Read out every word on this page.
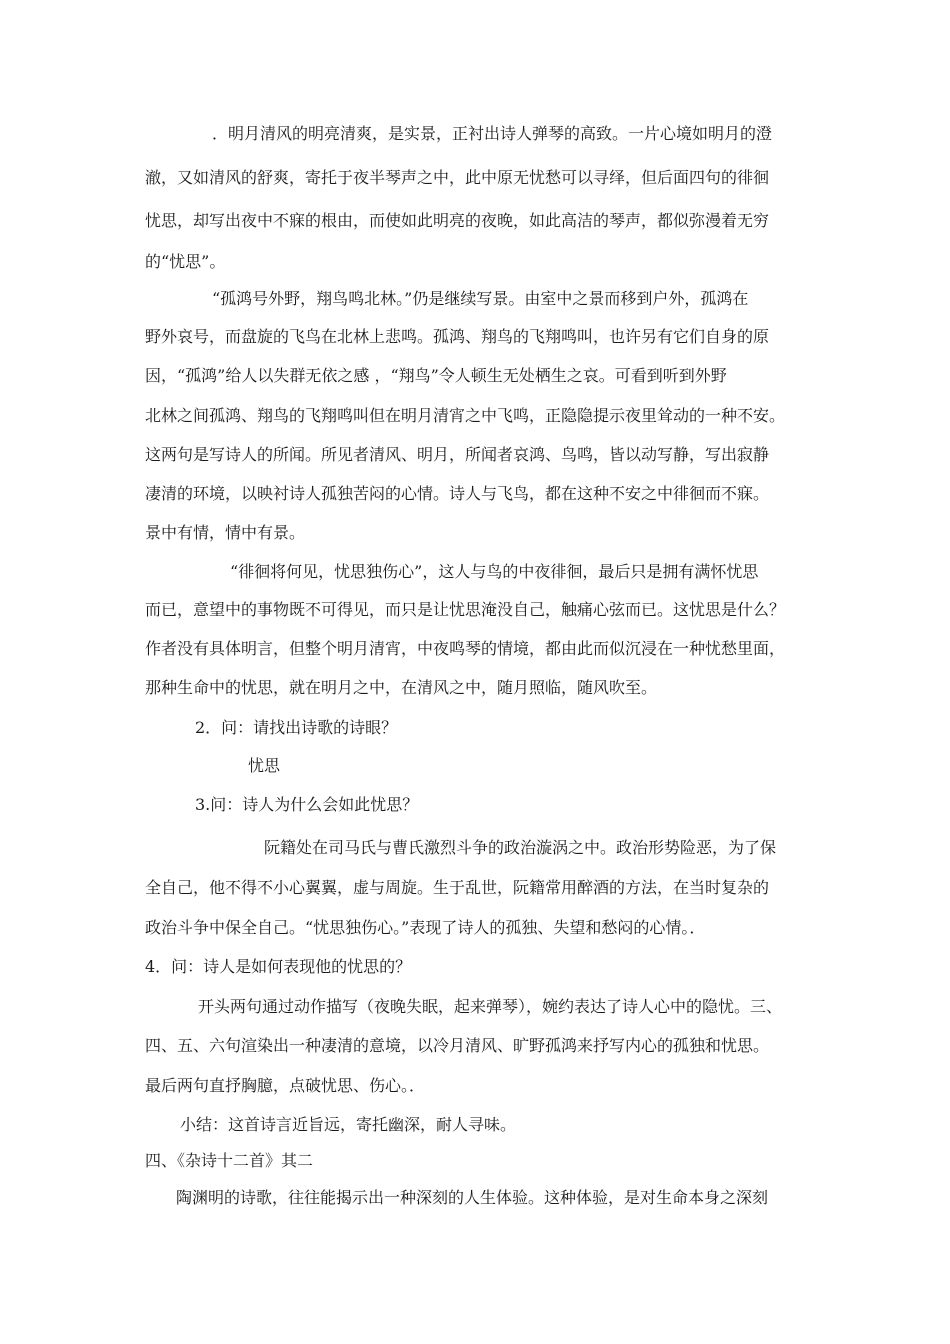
．明月清风的明亮清爽，是实景，正衬出诗人弹琴的高致。一片心境如明月的澄
澈，又如清风的舒爽，寄托于夜半琴声之中，此中原无忧愁可以寻绎，但后面四句的徘徊
忧思，却写出夜中不寐的根由，而使如此明亮的夜晚，如此高洁的琴声，都似弥漫着无穷
的“忧思”。
“孤鸿号外野，翔鸟鸣北林。”仍是继续写景。由室中之景而移到户外，孤鸿在
野外哀号，而盘旋的飞鸟在北林上悲鸣。孤鸿、翔鸟的飞翔鸣叫，也许另有它们自身的原
因，“孤鸿”给人以失群无依之感 ，“翔鸟”令人顿生无处栖生之哀。可看到听到外野
北林之间孤鸿、翔鸟的飞翔鸣叫但在明月清宵之中飞鸣，正隐隐提示夜里耸动的一种不安。
这两句是写诗人的所闻。所见者清风、明月，所闻者哀鸿、鸟鸣，皆以动写静，写出寂静
凄清的环境，以映衬诗人孤独苦闷的心情。诗人与飞鸟，都在这种不安之中徘徊而不寐。
景中有情，情中有景。
“徘徊将何见，忧思独伤心”，这人与鸟的中夜徘徊，最后只是拥有满怀忧思
而已，意望中的事物既不可得见，而只是让忧思淹没自己，触痛心弦而已。这忧思是什么？
作者没有具体明言，但整个明月清宵，中夜鸣琴的情境，都由此而似沉浸在一种忧愁里面，
那种生命中的忧思，就在明月之中，在清风之中，随月照临，随风吹至。
2．问：请找出诗歌的诗眼？
忧思
3.问：诗人为什么会如此忧思？
阮籍处在司马氏与曹氏激烈斗争的政治漩涡之中。政治形势险恶，为了保
全自己，他不得不小心翼翼，虚与周旋。生于乱世，阮籍常用醉酒的方法，在当时复杂的
政治斗争中保全自己。“忧思独伤心。”表现了诗人的孤独、失望和愁闷的心情。．
4．问：诗人是如何表现他的忧思的？
开头两句通过动作描写（夜晚失眠，起来弹琴），婉约表达了诗人心中的隐忧。三、
四、五、六句渲染出一种凄清的意境，以冷月清风、旷野孤鸿来抒写内心的孤独和忧思。
最后两句直抒胸臆，点破忧思、伤心。．
小结：这首诗言近旨远，寄托幽深，耐人寻味。
四、《杂诗十二首》其二
陶渊明的诗歌，往往能揭示出一种深刻的人生体验。这种体验，是对生命本身之深刻
